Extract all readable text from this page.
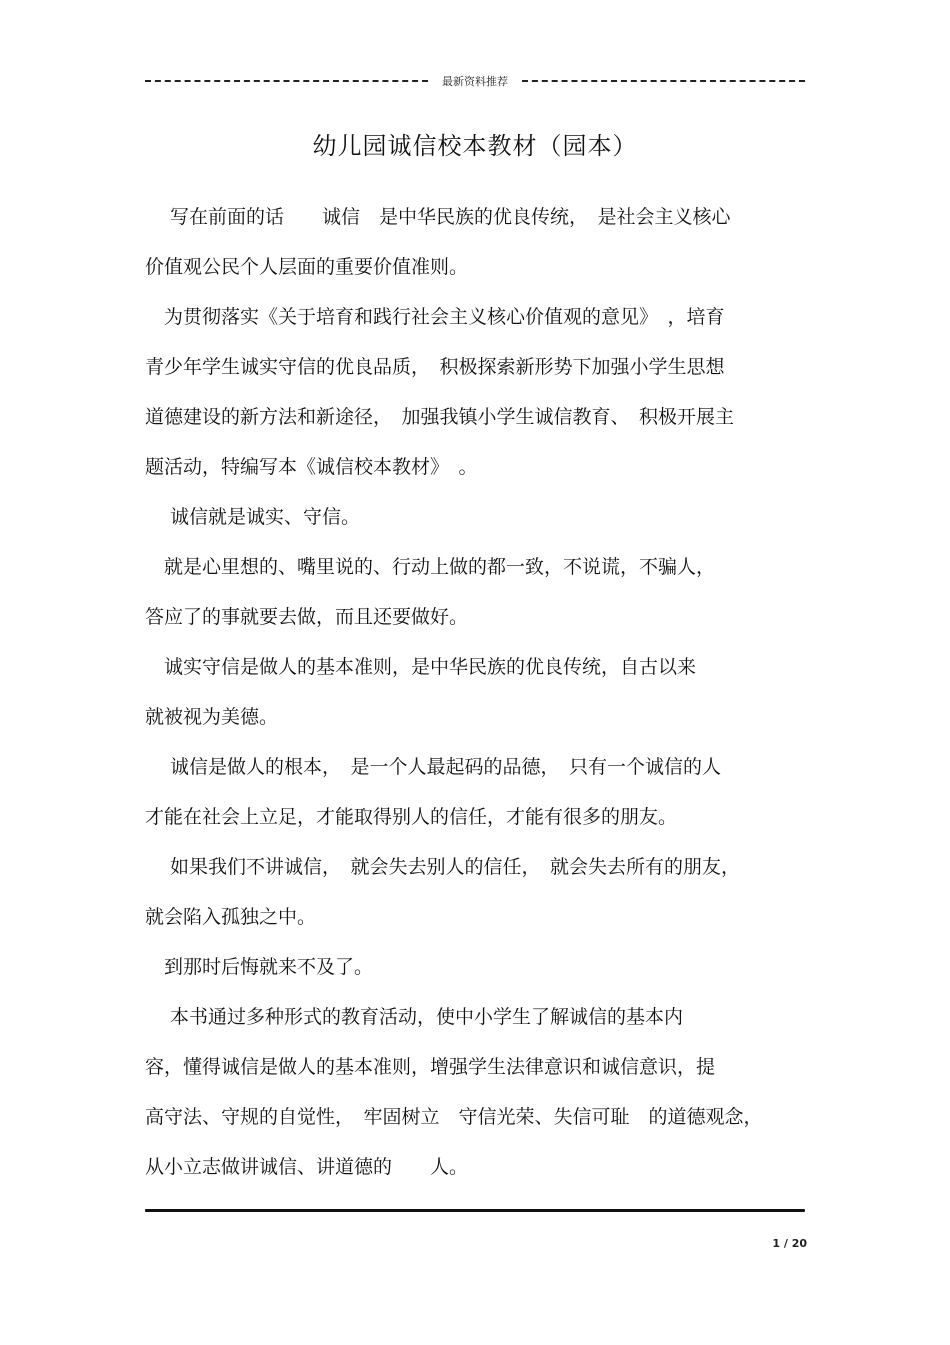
最新资料推荐
幼儿园诚信校本教材（园本）
　 写在前面的话　　诚信　是中华民族的优良传统，　是社会主义核心
价值观公民个人层面的重要价值准则。
　为贯彻落实《关于培育和践行社会主义核心价值观的意见》　，培育
青少年学生诚实守信的优良品质，　积极探索新形势下加强小学生思想
道德建设的新方法和新途径，　加强我镇小学生诚信教育、　积极开展主
题活动，特编写本《诚信校本教材》　。
　 诚信就是诚实、守信。
　就是心里想的、嘴里说的、行动上做的都一致，不说谎，不骗人，
答应了的事就要去做，而且还要做好。
　诚实守信是做人的基本准则，是中华民族的优良传统，自古以来
就被视为美德。
　 诚信是做人的根本，　是一个人最起码的品德，　只有一个诚信的人
才能在社会上立足，才能取得别人的信任，才能有很多的朋友。
　 如果我们不讲诚信，　就会失去别人的信任，　就会失去所有的朋友，
就会陷入孤独之中。
　到那时后悔就来不及了。
　 本书通过多种形式的教育活动，使中小学生了解诚信的基本内
容，懂得诚信是做人的基本准则，增强学生法律意识和诚信意识，提
高守法、守规的自觉性，　牢固树立　守信光荣、失信可耻　的道德观念，
从小立志做讲诚信、讲道德的　　人。
1 / 20
